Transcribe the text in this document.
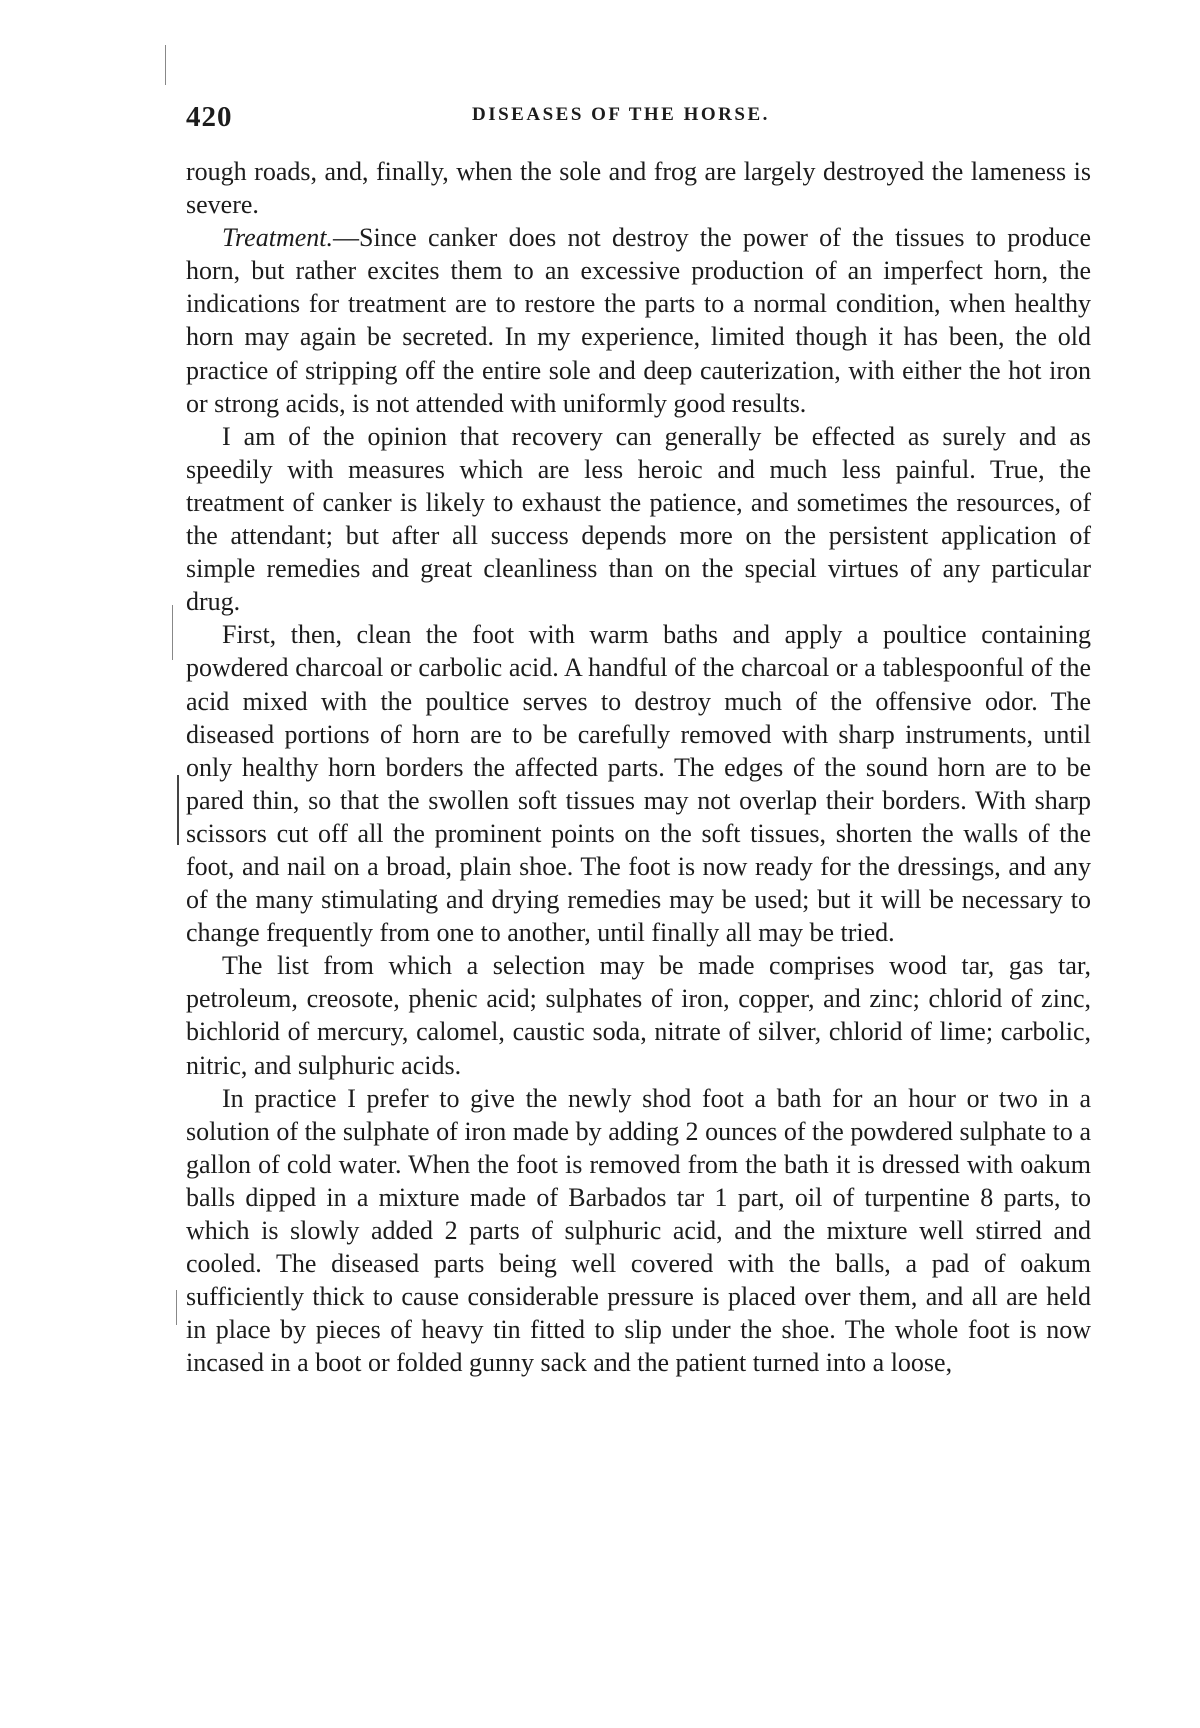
420	DISEASES OF THE HORSE.

rough roads, and, finally, when the sole and frog are largely destroyed the lameness is severe.

Treatment.—Since canker does not destroy the power of the tissues to produce horn, but rather excites them to an excessive production of an imperfect horn, the indications for treatment are to restore the parts to a normal condition, when healthy horn may again be secreted. In my experience, limited though it has been, the old practice of stripping off the entire sole and deep cauterization, with either the hot iron or strong acids, is not attended with uniformly good results.

I am of the opinion that recovery can generally be effected as surely and as speedily with measures which are less heroic and much less painful. True, the treatment of canker is likely to exhaust the patience, and sometimes the resources, of the attendant; but after all success depends more on the persistent application of simple remedies and great cleanliness than on the special virtues of any particular drug.

First, then, clean the foot with warm baths and apply a poultice containing powdered charcoal or carbolic acid. A handful of the charcoal or a tablespoonful of the acid mixed with the poultice serves to destroy much of the offensive odor. The diseased portions of horn are to be carefully removed with sharp instruments, until only healthy horn borders the affected parts. The edges of the sound horn are to be pared thin, so that the swollen soft tissues may not overlap their borders. With sharp scissors cut off all the prominent points on the soft tissues, shorten the walls of the foot, and nail on a broad, plain shoe. The foot is now ready for the dressings, and any of the many stimulating and drying remedies may be used; but it will be necessary to change frequently from one to another, until finally all may be tried.

The list from which a selection may be made comprises wood tar, gas tar, petroleum, creosote, phenic acid; sulphates of iron, copper, and zinc; chlorid of zinc, bichlorid of mercury, calomel, caustic soda, nitrate of silver, chlorid of lime; carbolic, nitric, and sulphuric acids.

In practice I prefer to give the newly shod foot a bath for an hour or two in a solution of the sulphate of iron made by adding 2 ounces of the powdered sulphate to a gallon of cold water. When the foot is removed from the bath it is dressed with oakum balls dipped in a mixture made of Barbados tar 1 part, oil of turpentine 8 parts, to which is slowly added 2 parts of sulphuric acid, and the mixture well stirred and cooled. The diseased parts being well covered with the balls, a pad of oakum sufficiently thick to cause considerable pressure is placed over them, and all are held in place by pieces of heavy tin fitted to slip under the shoe. The whole foot is now incased in a boot or folded gunny sack and the patient turned into a loose,
